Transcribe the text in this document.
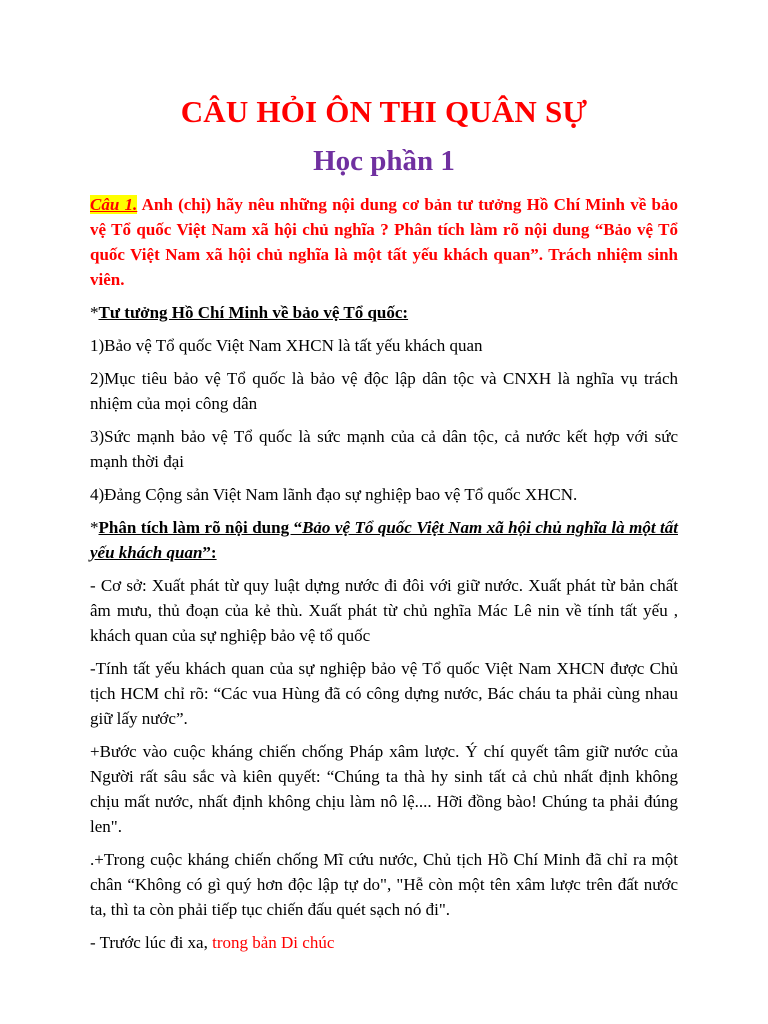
CÂU HỎI ÔN THI QUÂN SỰ
Học phần 1

Câu 1. Anh (chị) hãy nêu những nội dung cơ bản tư tưởng Hồ Chí Minh về bảo vệ Tổ quốc Việt Nam xã hội chủ nghĩa ? Phân tích làm rõ nội dung “Bảo vệ Tổ quốc Việt Nam xã hội chủ nghĩa là một tất yếu khách quan”. Trách nhiệm sinh viên.

*Tư tưởng Hồ Chí Minh về bảo vệ Tổ quốc:

1)Bảo vệ Tổ quốc Việt Nam XHCN là tất yếu khách quan

2)Mục tiêu bảo vệ Tổ quốc là bảo vệ độc lập dân tộc và CNXH là nghĩa vụ trách nhiệm của mọi công dân

3)Sức mạnh bảo vệ Tổ quốc là sức mạnh của cả dân tộc, cả nước kết hợp với sức mạnh thời đại

4)Đảng Cộng sản Việt Nam lãnh đạo sự nghiệp bao vệ Tổ quốc XHCN.

*Phân tích làm rõ nội dung “Bảo vệ Tổ quốc Việt Nam xã hội chủ nghĩa là một tất yếu khách quan”:

- Cơ sở: Xuất phát từ quy luật dựng nước đi đôi với giữ nước. Xuất phát từ bản chất âm mưu, thủ đoạn của kẻ thù. Xuất phát từ chủ nghĩa Mác Lê nin về tính tất yếu , khách quan của sự nghiệp bảo vệ tổ quốc

-Tính tất yếu khách quan của sự nghiệp bảo vệ Tổ quốc Việt Nam XHCN được Chủ tịch HCM chỉ rõ: “Các vua Hùng đã có công dựng nước, Bác cháu ta phải cùng nhau giữ lấy nước”.

+Bước vào cuộc kháng chiến chống Pháp xâm lược. Ý chí quyết tâm giữ nước của Người rất sâu sắc và kiên quyết: “Chúng ta thà hy sinh tất cả chủ nhất định không chịu mất nước, nhất định không chịu làm nô lệ.... Hỡi đồng bào! Chúng ta phải đúng len".

.+Trong cuộc kháng chiến chống Mĩ cứu nước, Chủ tịch Hồ Chí Minh đã chỉ ra một chân “Không có gì quý hơn độc lập tự do", "Hễ còn một tên xâm lược trên đất nước ta, thì ta còn phải tiếp tục chiến đấu quét sạch nó đi".

- Trước lúc đi xa, trong bản Di chúc
